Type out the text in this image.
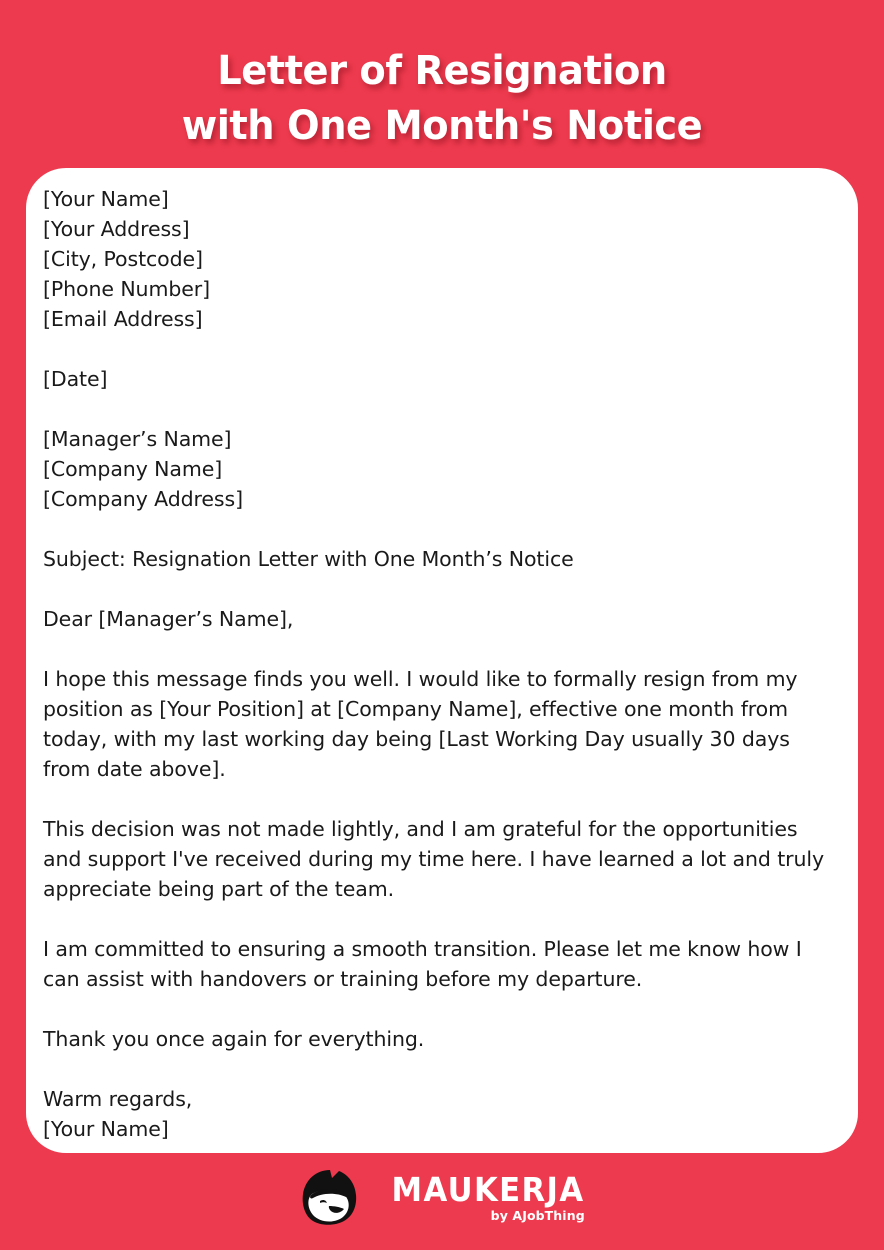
Letter of Resignation
with One Month's Notice

[Your Name]

[Your Address]

[City, Postcode]

[Phone Number]

[Email Address]

[Date]

[Manager’s Name]

[Company Name]

[Company Address]

Subject: Resignation Letter with One Month’s Notice

Dear [Manager’s Name],

I hope this message finds you well. I would like to formally resign from my position as [Your Position] at [Company Name], effective one month from today, with my last working day being [Last Working Day usually 30 days from date above].

This decision was not made lightly, and I am grateful for the opportunities and support I've received during my time here. I have learned a lot and truly appreciate being part of the team.

I am committed to ensuring a smooth transition. Please let me know how I can assist with handovers or training before my departure.

Thank you once again for everything.

Warm regards,

[Your Name]

MAUKERJA
by AJobThing
